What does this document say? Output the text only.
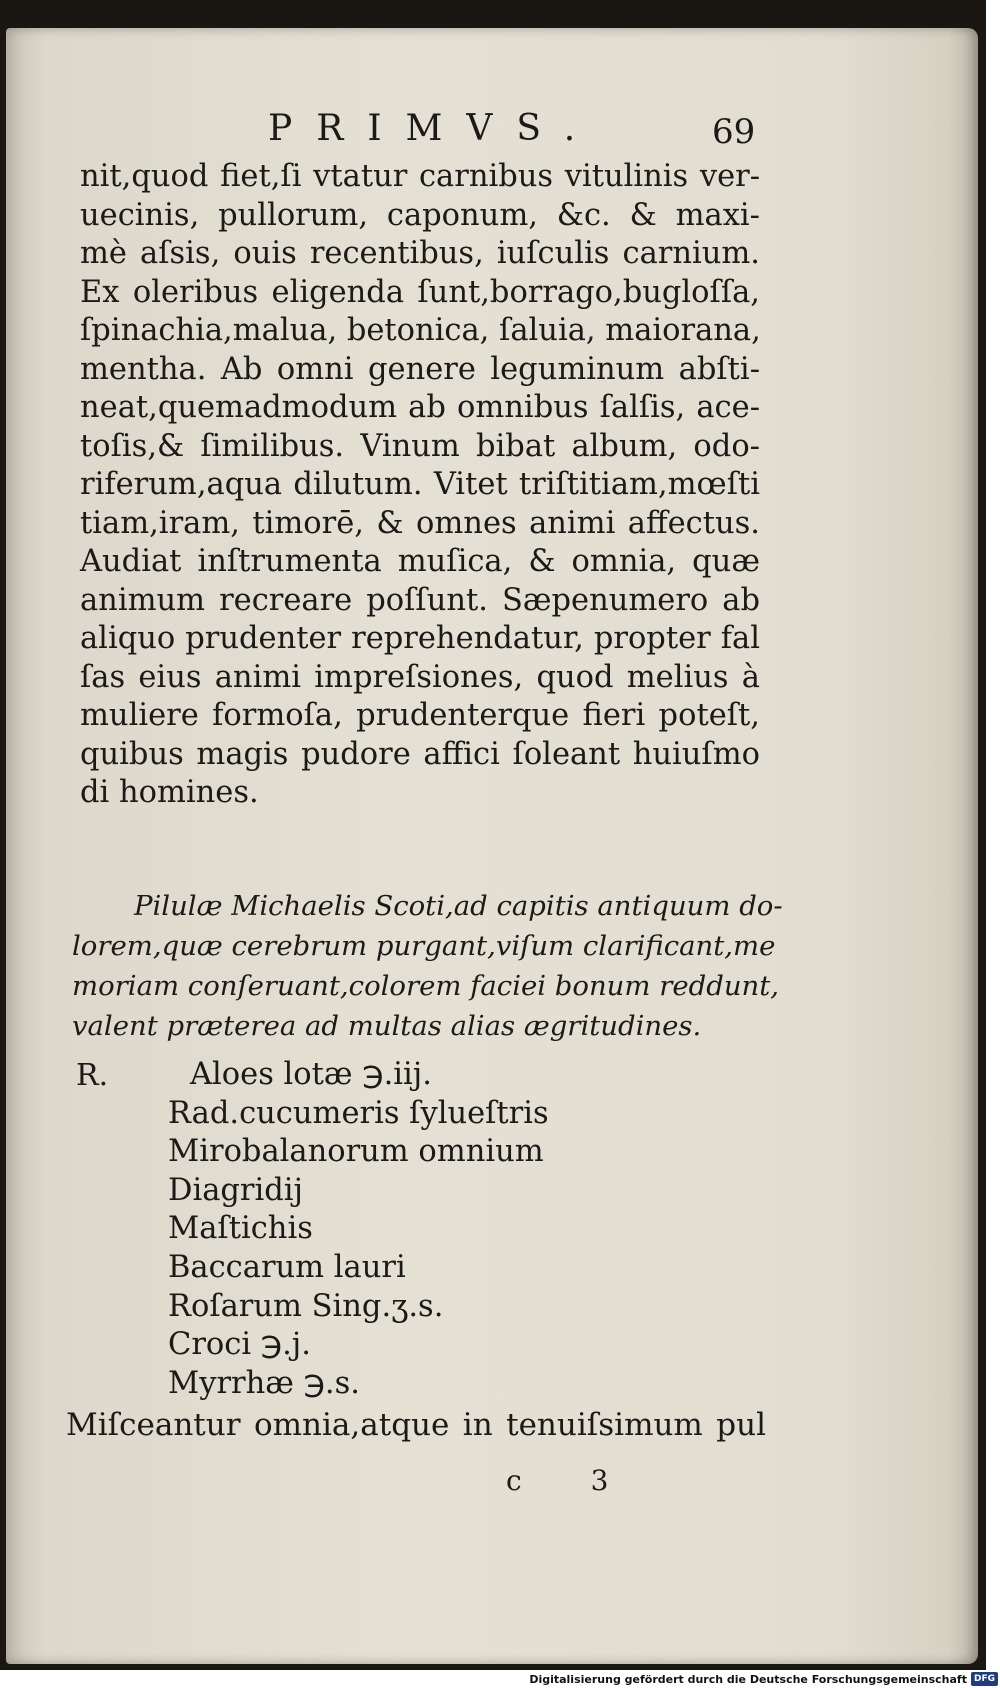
PRIMVS.	69
nit,quod fiet,ſi vtatur carnibus vitulinis ver-
uecinis, pullorum, caponum, &c. & maxi-
mè aſsis, ouis recentibus, iuſculis carnium.
Ex oleribus eligenda ſunt,borrago,bugloſſa,
ſpinachia,malua, betonica, ſaluia, maiorana,
mentha. Ab omni genere leguminum abſti-
neat,quemadmodum ab omnibus ſalſis, ace-
toſis,& ſimilibus. Vinum bibat album, odo-
riferum,aqua dilutum. Vitet triſtitiam,mœſti
tiam,iram, timorē, & omnes animi affectus.
Audiat inſtrumenta muſica, & omnia, quæ
animum recreare poſſunt. Sæpenumero ab
aliquo prudenter reprehendatur, propter fal
ſas eius animi impreſsiones, quod melius à
muliere formoſa, prudenterque fieri poteſt,
quibus magis pudore affici ſoleant huiuſmo
di homines.
Pilulæ Michaelis Scoti,ad capitis antiquum do-
lorem,quæ cerebrum purgant,viſum clarificant,me
moriam conſeruant,colorem faciei bonum reddunt,
valent præterea ad multas alias ægritudines.
R.	Aloes lotæ ℈.iij.
Rad.cucumeris ſylueſtris
Mirobalanorum omnium
Diagridij
Maſtichis
Baccarum lauri
Roſarum Sing.ʒ.s.
Croci ℈.j.
Myrrhæ ℈.s.
Miſceantur omnia,atque in tenuiſsimum pul
c 3
Digitalisierung gefördert durch die Deutsche Forschungsgemeinschaft DFG
